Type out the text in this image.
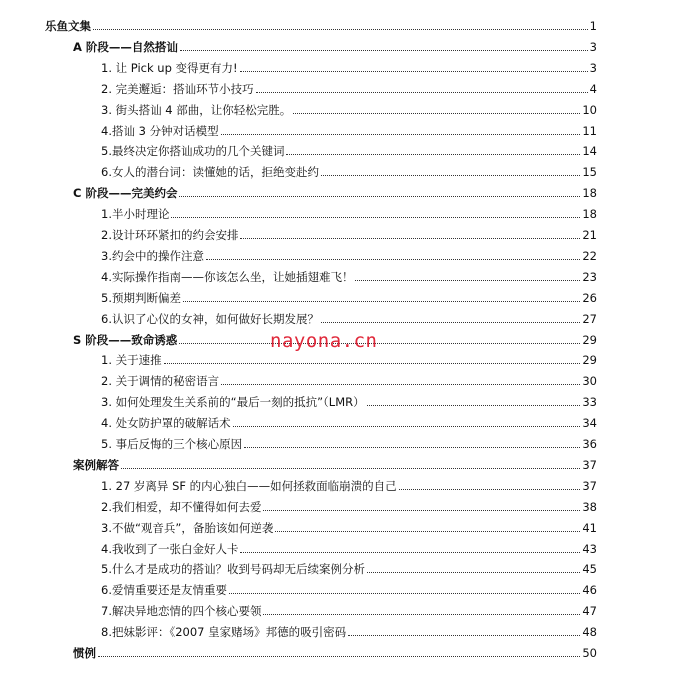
乐鱼文集	1
A 阶段——自然搭讪	3
1. 让 Pick up 变得更有力!	3
2. 完美邂逅：搭讪环节小技巧	4
3. 街头搭讪 4 部曲，让你轻松完胜。	10
4.搭讪 3 分钟对话模型	11
5.最终决定你搭讪成功的几个关键词	14
6.女人的潜台词：读懂她的话，拒绝变赴约	15
C 阶段——完美约会	18
1.半小时理论	18
2.设计环环紧扣的约会安排	21
3.约会中的操作注意	22
4.实际操作指南——你该怎么坐，让她插翅难飞！	23
5.预期判断偏差	26
6.认识了心仪的女神，如何做好长期发展？	27
S 阶段——致命诱惑	29
1. 关于速推	29
2. 关于调情的秘密语言	30
3. 如何处理发生关系前的“最后一刻的抵抗”（LMR）	33
4. 处女防护罩的破解话术	34
5. 事后反悔的三个核心原因	36
案例解答	37
1. 27 岁离异 SF 的内心独白——如何拯救面临崩溃的自己	37
2.我们相爱，却不懂得如何去爱	38
3.不做“观音兵”，备胎该如何逆袭	41
4.我收到了一张白金好人卡	43
5.什么才是成功的搭讪？收到号码却无后续案例分析	45
6.爱情重要还是友情重要	46
7.解决异地恋情的四个核心要领	47
8.把妹影评：《2007 皇家赌场》邦德的吸引密码	48
惯例	50
nayona.cn
